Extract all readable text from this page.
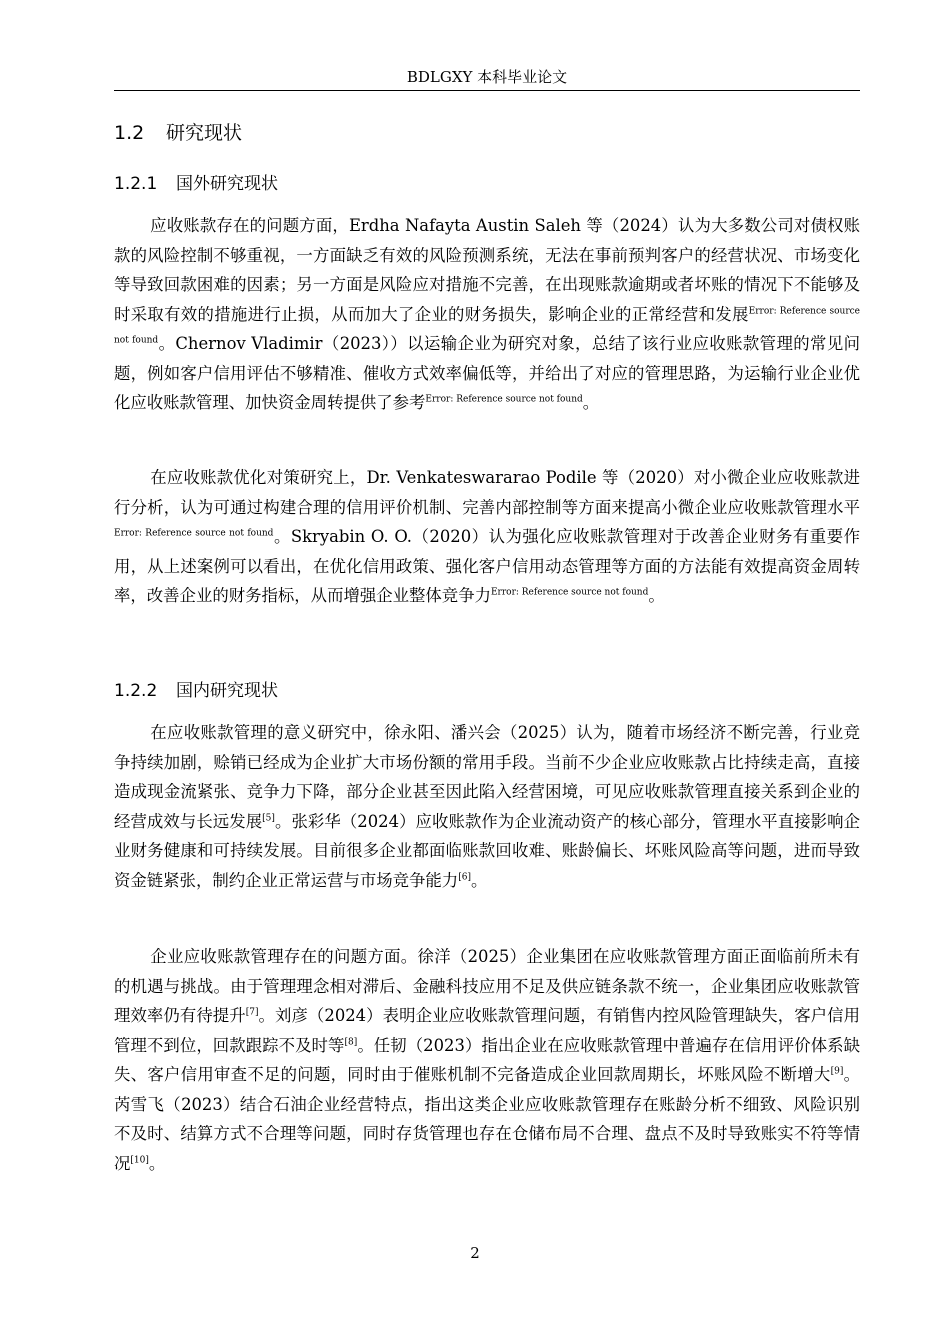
BDLGXY 本科毕业论文
1.2 研究现状
1.2.1 国外研究现状

应收账款存在的问题方面，Erdha Nafayta Austin Saleh 等（2024）认为大多数公司对债权账款的风险控制不够重视，一方面缺乏有效的风险预测系统，无法在事前预判客户的经营状况、市场变化等导致回款困难的因素；另一方面是风险应对措施不完善，在出现账款逾期或者坏账的情况下不能够及时采取有效的措施进行止损，从而加大了企业的财务损失，影响企业的正常经营和发展$^{Error: Reference source not found}$。Chernov Vladimir（2023））以运输企业为研究对象，总结了该行业应收账款管理的常见问题，例如客户信用评估不够精准、催收方式效率偏低等，并给出了对应的管理思路，为运输行业企业优化应收账款管理、加快资金周转提供了参考$^{Error: Reference source not found}$。

在应收账款优化对策研究上，Dr. Venkateswararao Podile 等（2020）对小微企业应收账款进行分析，认为可通过构建合理的信用评价机制、完善内部控制等方面来提高小微企业应收账款管理水平$^{Error: Reference source not found}$。Skryabin O. O.（2020）认为强化应收账款管理对于改善企业财务有重要作用，从上述案例可以看出，在优化信用政策、强化客户信用动态管理等方面的方法能有效提高资金周转率，改善企业的财务指标，从而增强企业整体竞争力$^{Error: Reference source not found}$。

1.2.2 国内研究现状

在应收账款管理的意义研究中，徐永阳、潘兴会（2025）认为，随着市场经济不断完善，行业竞争持续加剧，赊销已经成为企业扩大市场份额的常用手段。当前不少企业应收账款占比持续走高，直接造成现金流紧张、竞争力下降，部分企业甚至因此陷入经营困境，可见应收账款管理直接关系到企业的经营成效与长远发展[5]。张彩华（2024）应收账款作为企业流动资产的核心部分，管理水平直接影响企业财务健康和可持续发展。目前很多企业都面临账款回收难、账龄偏长、坏账风险高等问题，进而导致资金链紧张，制约企业正常运营与市场竞争能力[6]。

企业应收账款管理存在的问题方面。徐洋（2025）企业集团在应收账款管理方面正面临前所未有的机遇与挑战。由于管理理念相对滞后、金融科技应用不足及供应链条款不统一，企业集团应收账款管理效率仍有待提升[7]。刘彦（2024）表明企业应收账款管理问题，有销售内控风险管理缺失，客户信用管理不到位，回款跟踪不及时等[8]。任韧（2023）指出企业在应收账款管理中普遍存在信用评价体系缺失、客户信用审查不足的问题，同时由于催账机制不完备造成企业回款周期长，坏账风险不断增大[9]。芮雪飞（2023）结合石油企业经营特点，指出这类企业应收账款管理存在账龄分析不细致、风险识别不及时、结算方式不合理等问题，同时存货管理也存在仓储布局不合理、盘点不及时导致账实不符等情况[10]。

2
